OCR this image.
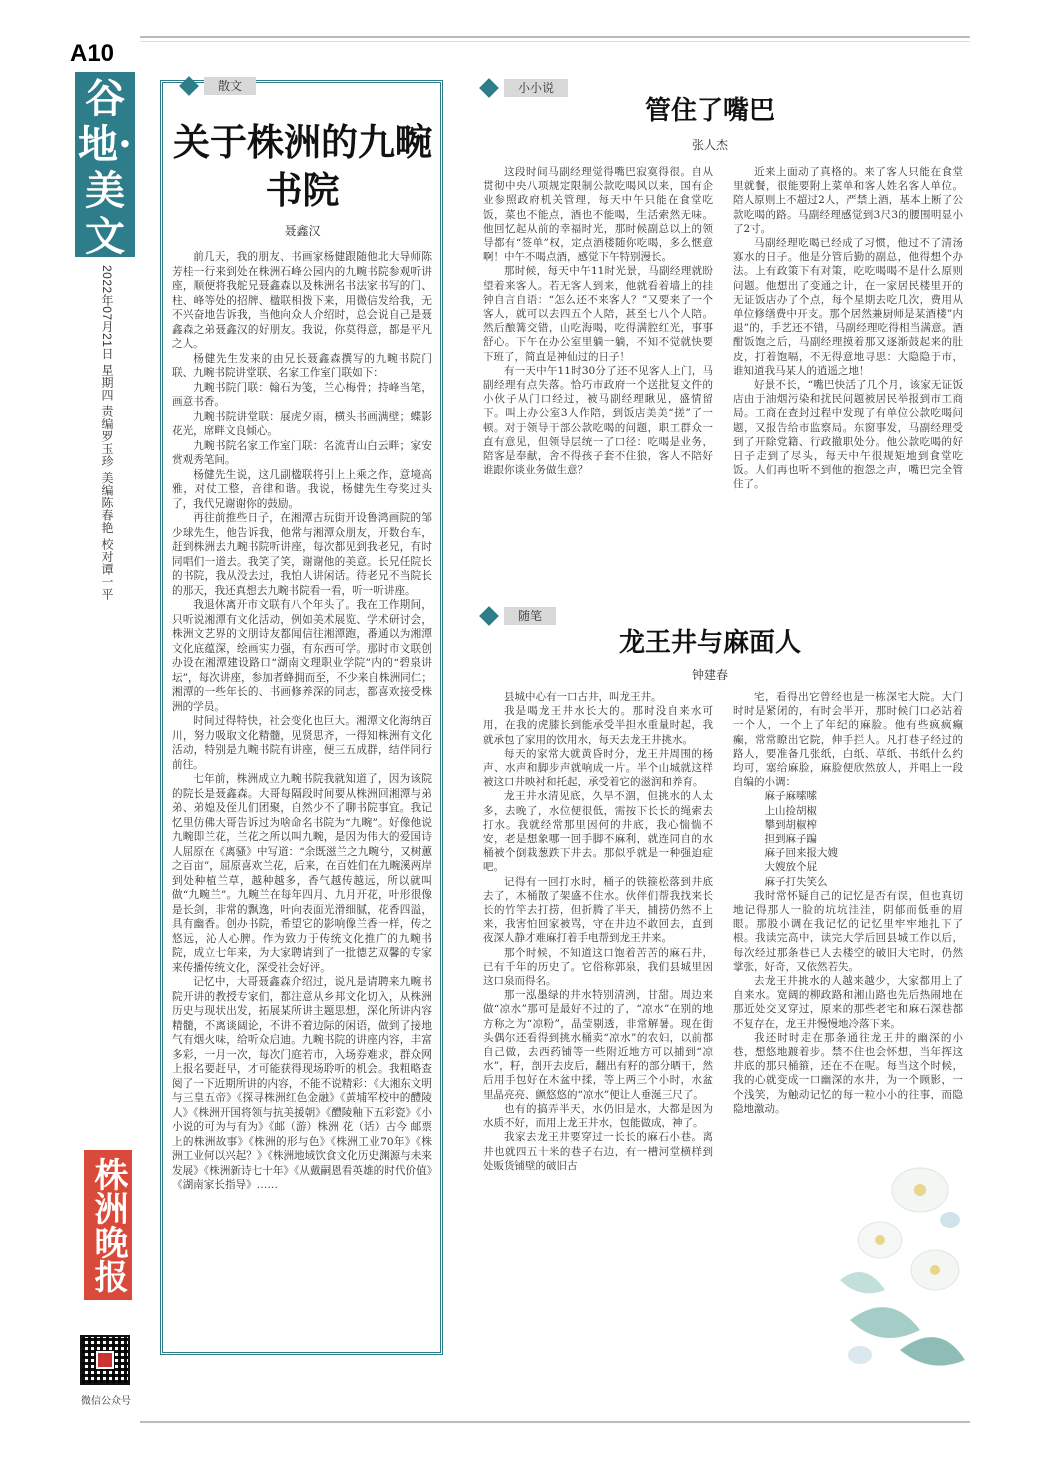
A10
谷地·美文
2022年07月21日 星期四 责编罗玉珍 美编陈春艳 校对谭一平
株洲晚报
微信公众号
散文
关于株洲的九畹书院
聂鑫汉

前几天，我的朋友、书画家杨健跟随他北大导师陈芳桂一行来到处在株洲石峰公园内的九畹书院参观听讲座，顺便将我舵兄聂鑫森以及株洲名书法家书写的门、柱、峰等处的招牌、楹联相拨下来，用微信发给我，无不兴奋地告诉我，当他向众人介绍时，总会说自己是聂鑫森之弟聂鑫汉的好朋友。我说，你莫得意，都是平凡之人。

杨健先生发来的由兄长聂鑫森撰写的九畹书院门联、九畹书院讲堂联、名家工作室门联如下：

九畹书院门联：翰石为笺，兰心梅骨；持峰当笔，画意书香。

九畹书院讲堂联：展虎夕雨，横头书画满壁；蝶影花光，席畔文良倾心。

九畹书院名家工作室门联：名流青山白云畔；家安赏观秀笔间。

杨健先生说，这几副楹联将引上上乘之作，意境高雅，对仗工整，音律和谐。我说，杨健先生夸奖过头了，我代兄谢谢你的鼓励。

再往前推些日子，在湘潭古玩街开设鲁鸿画院的邹少球先生，他告诉我，他常与湘潭众朋友，开数台车，赶到株洲去九畹书院听讲座，每次都见到我老兄，有时同唱们一道去。我笑了笑，谢谢他的美意。长兄任院长的书院，我从没去过，我怕人讲闲话。待老兄不当院长的那天，我还真想去九畹书院看一看，听一听讲座。

我退休离开市文联有八个年头了。我在工作期间，只听说湘潭有文化活动，例如美术展览、学术研讨会，株洲文艺界的文朋诗友都闻信往湘潭跑，番通以为湘潭文化底蕴深，绘画实力强，有东西可学。那时市文联创办设在湘潭建设路口“湖南文理职业学院”内的“碧泉讲坛”，每次讲座，参加者蜂拥而至，不少来自株洲同仁；湘潭的一些年长的、书画修养深的同志，都喜欢接受株洲的学员。

时间过得特快，社会变化也巨大。湘潭文化海纳百川，努力吸取文化精髓，见贤思齐，一得知株洲有文化活动，特别是九畹书院有讲座，便三五成群，结伴同行前往。

七年前，株洲成立九畹书院我就知道了，因为该院的院长是聂鑫森。大哥每隔段时间要从株洲回湘潭与弟弟、弟媳及侄儿们团聚，自然少不了聊书院事宜。我记忆里仿佛大哥告诉过为啥命名书院为“九畹”。好像他说九畹即兰花，兰花之所以叫九畹，是因为伟大的爱国诗人屈原在《离骚》中写道：“余既滋兰之九畹兮，又树蕙之百亩”，屈原喜欢兰花，后来，在百姓们在九畹溪两岸到处种植兰草，越种越多，香气越传越远，所以就叫做“九畹兰”。九畹兰在每年四月、九月开花，叶形很像是长剑，非常的飘逸，叶向表面光滑细腻，花香四溢，具有幽香。创办书院，希望它的影响像兰香一样，传之悠远，沁人心脾。作为致力于传统文化推广的九畹书院，成立七年来，为大家聘请到了一批德艺双馨的专家来传播传统文化，深受社会好评。

记忆中，大哥聂鑫森介绍过，说凡是请聘来九畹书院开讲的教授专家们，都注意从乡邦文化切入，从株洲历史与现状出发，拓展某所讲主题思想，深化所讲内容精髓，不离谈阔论，不讲不着边际的闲语，做到了接地气有烟火味，给听众启迪。九畹书院的讲座内容，丰富多彩，一月一次，每次门庭若市，入场券难求，群众网上报名要赶早，才可能获得现场聆听的机会。我粗略查阅了一下近期所讲的内容，不能不说精彩：《大湘东文明与三皇五帝》《探寻株洲红色金融》《黄埔军校中的醴陵人》《株洲开国将领与抗美援朝》《醴陵釉下五彩瓷》《小小说的可为与有为》《邮（游）株洲 花（话）古今 邮票上的株洲故事》《株洲的形与色》《株洲工业70年》《株洲工业何以兴起？》《株洲地域饮食文化历史渊源与未来发展》《株洲新诗七十年》《从戴嗣恩看英雄的时代价值》《湖南家长指导》……

小小说
管住了嘴巴
张人杰

这段时间马副经理觉得嘴巴寂寞得很。自从贯彻中央八项规定限制公款吃喝风以来，国有企业参照政府机关管理，每天中午只能在食堂吃饭，菜也不能点，酒也不能喝，生活索然无味。他回忆起从前的幸福时光，那时候副总以上的领导都有“签单”权，定点酒楼随你吃喝，多么惬意啊！中午不喝点酒，感觉下午特别漫长。

那时候，每天中午11时光景，马副经理就盼望着来客人。若无客人到来，他就看着墙上的挂钟自言自语：“怎么还不来客人？”又要来了一个客人，就可以去四五个人陪，甚至七八个人陪。然后酿篝交错，山吃海喝，吃得满腔红光，事事舒心。下午在办公室里躺一躺，不知不觉就快要下班了，简直是神仙过的日子！

有一天中午11时30分了还不见客人上门，马副经理有点失落。恰巧市政府一个送批复文件的小伙子从门口经过，被马副经理瞅见，盛情留下。叫上办公室3人作陪，到饭店美美“搓”了一顿。对于领导干部公款吃喝的问题，职工群众一直有意见，但领导层统一了口径：吃喝是业务，陪客是奉献，舍不得孩子套不住狼，客人不陪好谁跟你谈业务做生意？

近来上面动了真格的。来了客人只能在食堂里就餐，很能要附上菜单和客人姓名客人单位。陪人原则上不超过2人，严禁上酒，基本上断了公款吃喝的路。马副经理感觉到3尺3的腰围明显小了2寸。

马副经理吃喝已经成了习惯，他过不了清汤寡水的日子。他是分管后勤的副总，他得想个办法。上有政策下有对策，吃吃喝喝不是什么原则问题。他想出了变通之计，在一家居民楼里开的无证饭店办了个点，每个星期去吃几次，费用从单位修缮费中开支。那个居然兼厨师是某酒楼”内退”的，手艺还不错，马副经理吃得相当满意。酒酣饭饱之后，马副经理摸着那又逐渐鼓起来的肚皮，打着饱嗝，不无得意地寻思：大隐隐于市，谁知道我马某人的逍遥之地！

好景不长，“嘴巴快活了几个月，该家无证饭店由于油烟污染和扰民问题被居民举报到市工商局。工商在查封过程中发现了有单位公款吃喝问题，又报告给市监察局。东窗事发，马副经理受到了开除党籍、行政撤职处分。他公款吃喝的好日子走到了尽头，每天中午很规矩地到食堂吃饭。人们再也听不到他的抱怨之声，嘴巴完全管住了。

随笔
龙王井与麻面人
钟建春

县城中心有一口古井，叫龙王井。

我是喝龙王井水长大的。那时没自来水可用，在我的虎膝长到能承受半担水重量时起，我就承包了家用的饮用水，每天去龙王井挑水。

每天的家常大就黄昏时分，龙王井周围的杨声、水声和脚步声就响成一片。半个山城就这样被这口井映衬和托起，承受着它的滋润和养育。

龙王井水清见底，久旱不涸，但挑水的人太多，去晚了，水位便很低，需按下长长的绳索去打水。我就经常那里因何的井底，我心惴惴不安，老是想象哪一回手脚不麻利，就连同自的水桶被个倒栽葱跌下井去。那似乎就是一种强迫症吧。

记得有一回打水时，桶子的铁箍松落到井底去了，木桶散了架盛不住水。伙伴们帮我找来长长的竹竿去打捞，但折腾了半天，捕捞仍然不上来，我害怕回家被骂，守在井边不敢回去，直到夜深人静才难麻打着手电帮到龙王井来。

那个时候，不知道这口饱着苦苦的麻石井，已有千年的历史了。它俗称郭泉，我们县城里因这口泉而得名。

那一泓墨绿的井水特别清洌，甘甜。周边来做“凉水”那可是最好不过的了，“凉水”在别的地方称之为“凉粉”，晶莹剔透，非常解暑。现在街头偶尔还看得到挑水桶卖“凉水”的农妇，以前都自己做，去西药铺等一些附近地方可以捕到“凉水”，籽，剖开去皮后，翻出有籽的部分晒干，然后用手包好在木盆中揉，等上两三个小时，水盆里晶亮亮、颤悠悠的“凉水”便让人垂涎三尺了。

也有的搞弄半天，水仍旧是水，大都是因为水质不好，而用上龙王井水，包能做成，神了。

我家去龙王井要穿过一长长的麻石小巷。离井也就四五十米的巷子右边，有一槽河堂横样到处贩货铺壁的破旧古

宅，看得出它曾经也是一栋深宅大院。大门时时是紧闭的，有时会半开，那时候门口必站着一个人，一个上了年纪的麻脸。他有些疯疯癫癫，常常瞭出它院，伸手拦人。凡打巷子经过的路人，要准备几张纸，白纸、草纸、书纸什么约均可，塞给麻脸，麻脸便欣然放人，并唱上一段自编的小调：

麻子麻嗦嗦

上山捡胡椒

攀到胡椒榨

担到麻子蹁

麻子回来报大嫂

大嫂放个屁

麻子打失笑么

我时常怀疑自己的记忆是否有误，但也真切地记得那人一脸的坑坑洼洼，阴郁而低垂的眉眼。那股小调在我记忆的记忆里牢牢地扎下了根。我读完高中，读完大学后回县城工作以后，每次经过那条巷已人去楼空的破旧大宅时，仍然掌张，好奇，又依然若失。

去龙王井挑水的人越来越少，大家都用上了自来水。宽阔的柳政路和湘山路也先后热闹地在那近处交叉穿过，原来的那些老宅和麻石深巷都不复存在，龙王井慢慢地冷落下来。

我还时时走在那条通往龙王井的幽深的小巷，想悠地踱着步。禁不住也会怀想，当年挥这井底的那只桶箍，还在不在呢。每当这个时候，我的心就变成一口幽深的水井，为一个顾影，一个浅笑，为触动记忆的每一粒小小的往事，而隐隐地激动。
